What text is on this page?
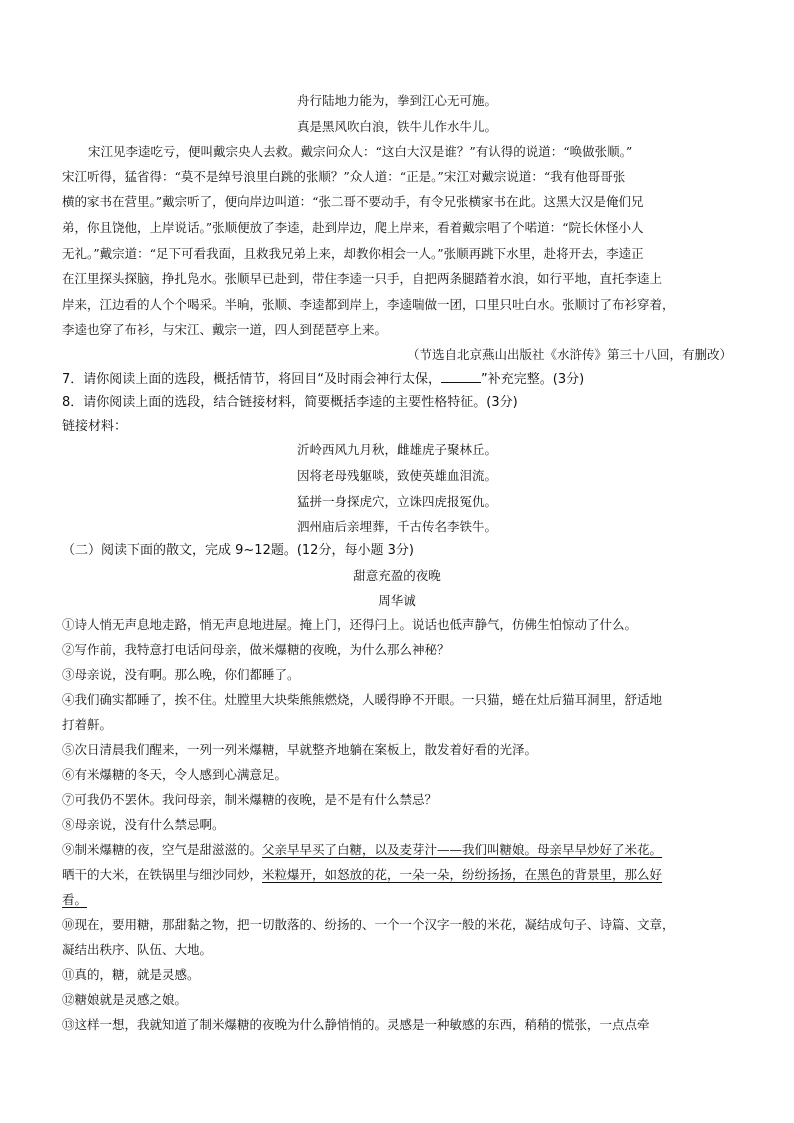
舟行陆地力能为，拳到江心无可施。
真是黑风吹白浪，铁牛儿作水牛儿。
宋江见李逵吃亏，便叫戴宗央人去救。戴宗问众人：“这白大汉是谁？”有认得的说道：“唤做张顺。”
宋江听得，猛省得：“莫不是绰号浪里白跳的张顺？”众人道：“正是。”宋江对戴宗说道：“我有他哥哥张
横的家书在营里。”戴宗听了，便向岸边叫道：“张二哥不要动手，有令兄张横家书在此。这黑大汉是俺们兄
弟，你且饶他，上岸说话。”张顺便放了李逵，赴到岸边，爬上岸来，看着戴宗唱了个喏道：“院长休怪小人
无礼。”戴宗道：“足下可看我面，且救我兄弟上来，却教你相会一人。”张顺再跳下水里，赴将开去，李逵正
在江里探头探脑，挣扎凫水。张顺早已赴到，带住李逵一只手，自把两条腿踏着水浪，如行平地，直托李逵上
岸来，江边看的人个个喝采。半晌，张顺、李逵都到岸上，李逵喘做一团，口里只吐白水。张顺讨了布衫穿着，
李逵也穿了布衫，与宋江、戴宗一道，四人到琵琶亭上来。
（节选自北京燕山出版社《水浒传》第三十八回，有删改）
7．请你阅读上面的选段，概括情节，将回目“及时雨会神行太保，	”补充完整。(3分)
8．请你阅读上面的选段，结合链接材料，简要概括李逵的主要性格特征。(3分)
链接材料：
沂岭西风九月秋，雌雄虎子聚林丘。
因将老母残躯啖，致使英雄血泪流。
猛拼一身探虎穴，立诛四虎报冤仇。
泗州庙后亲埋葬，千古传名李铁牛。
（二）阅读下面的散文，完成 9~12题。(12分，每小题 3分)
甜意充盈的夜晚
周华诚
①诗人悄无声息地走路，悄无声息地进屋。掩上门，还得闩上。说话也低声静气，仿佛生怕惊动了什么。
②写作前，我特意打电话问母亲，做米爆糖的夜晚，为什么那么神秘？
③母亲说，没有啊。那么晚，你们都睡了。
④我们确实都睡了，挨不住。灶膛里大块柴熊熊燃烧，人暖得睁不开眼。一只猫，蜷在灶后猫耳洞里，舒适地
打着鼾。
⑤次日清晨我们醒来，一列一列米爆糖，早就整齐地躺在案板上，散发着好看的光泽。
⑥有米爆糖的冬天，令人感到心满意足。
⑦可我仍不罢休。我问母亲，制米爆糖的夜晚，是不是有什么禁忌？
⑧母亲说，没有什么禁忌啊。
⑨制米爆糖的夜，空气是甜滋滋的。父亲早早买了白糖，以及麦芽汁——我们叫糖娘。母亲早早炒好了米花。
晒干的大米，在铁锅里与细沙同炒，米粒爆开，如怒放的花，一朵一朵，纷纷扬扬，在黑色的背景里，那么好
看。
⑩现在，要用糖，那甜黏之物，把一切散落的、纷扬的、一个一个汉字一般的米花，凝结成句子、诗篇、文章，
凝结出秩序、队伍、大地。
⑪真的，糖，就是灵感。
⑫糖娘就是灵感之娘。
⑬这样一想，我就知道了制米爆糖的夜晚为什么静悄悄的。灵感是一种敏感的东西，稍稍的慌张，一点点牵
